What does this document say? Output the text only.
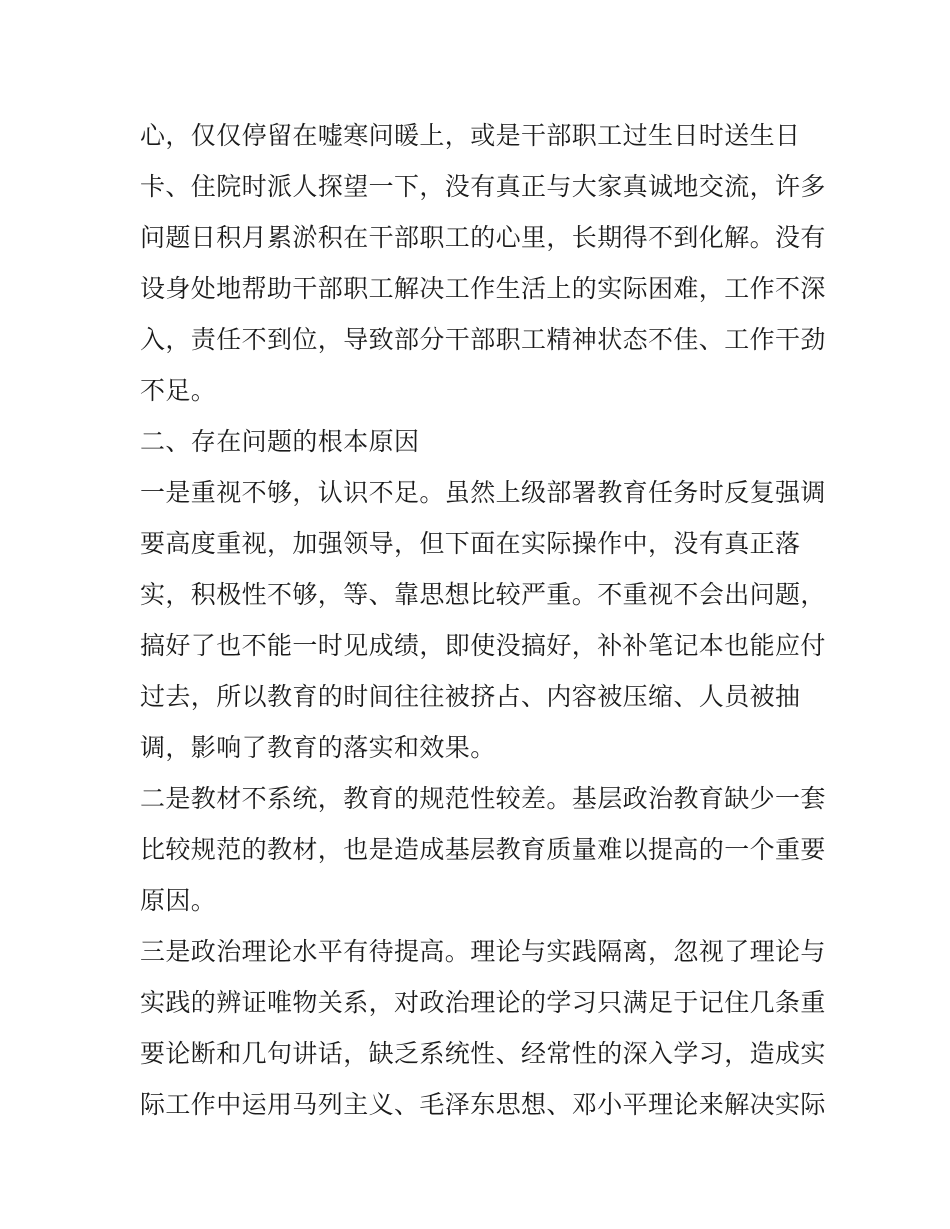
心，仅仅停留在嘘寒问暖上，或是干部职工过生日时送生日
卡、住院时派人探望一下，没有真正与大家真诚地交流，许多
问题日积月累淤积在干部职工的心里，长期得不到化解。没有
设身处地帮助干部职工解决工作生活上的实际困难，工作不深
入，责任不到位，导致部分干部职工精神状态不佳、工作干劲
不足。
二、存在问题的根本原因
一是重视不够，认识不足。虽然上级部署教育任务时反复强调
要高度重视，加强领导，但下面在实际操作中，没有真正落
实，积极性不够，等、靠思想比较严重。不重视不会出问题，
搞好了也不能一时见成绩，即使没搞好，补补笔记本也能应付
过去，所以教育的时间往往被挤占、内容被压缩、人员被抽
调，影响了教育的落实和效果。
二是教材不系统，教育的规范性较差。基层政治教育缺少一套
比较规范的教材，也是造成基层教育质量难以提高的一个重要
原因。
三是政治理论水平有待提高。理论与实践隔离，忽视了理论与
实践的辨证唯物关系，对政治理论的学习只满足于记住几条重
要论断和几句讲话，缺乏系统性、经常性的深入学习，造成实
际工作中运用马列主义、毛泽东思想、邓小平理论来解决实际
